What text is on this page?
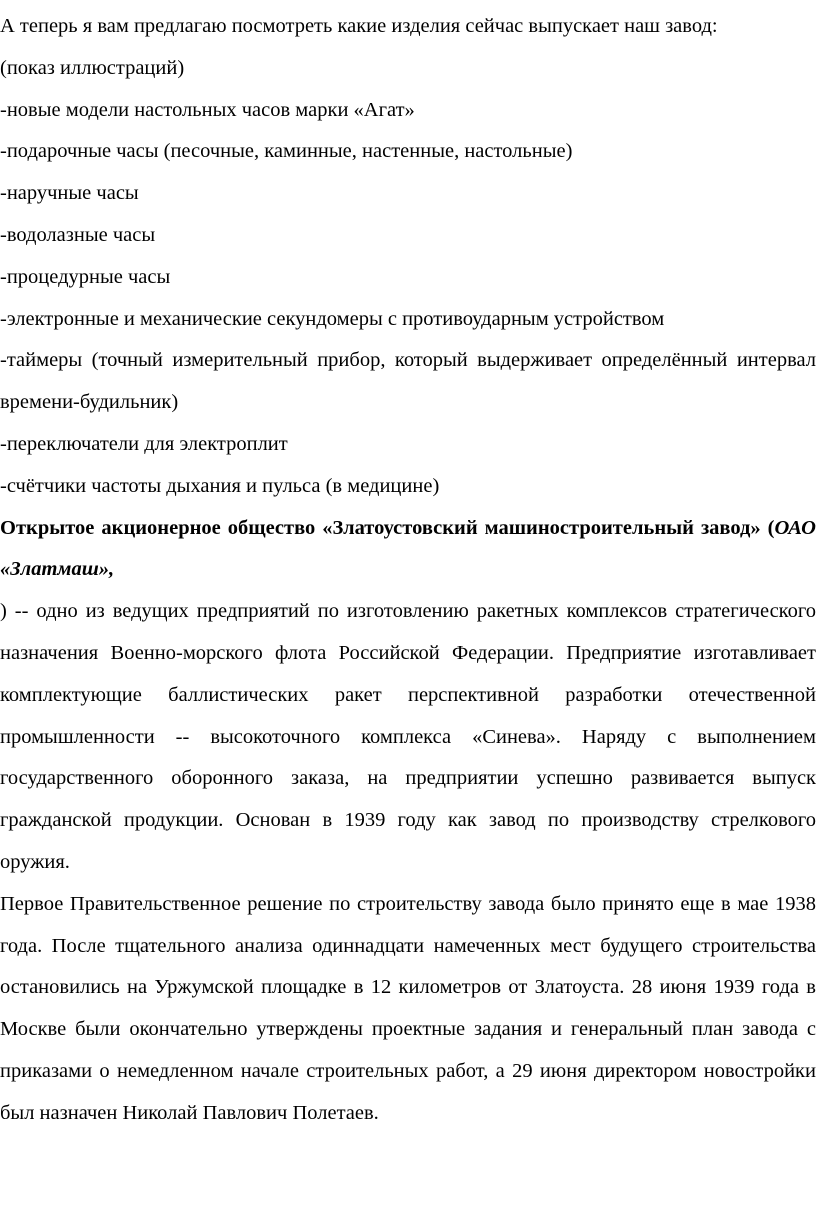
А теперь я вам предлагаю посмотреть какие изделия сейчас выпускает наш завод:

(показ иллюстраций)

-новые модели настольных часов марки «Агат»

-подарочные часы (песочные, каминные, настенные, настольные)

-наручные часы

-водолазные часы

-процедурные часы

-электронные и механические секундомеры с противоударным устройством

-таймеры (точный измерительный прибор, который выдерживает определённый интервал времени-будильник)

-переключатели для электроплит

-счётчики частоты дыхания и пульса (в медицине)

Открытое акционерное общество «Златоустовский машиностроительный завод» (ОАО «Златмаш»,

) -- одно из ведущих предприятий по изготовлению ракетных комплексов стратегического назначения Военно-морского флота Российской Федерации. Предприятие изготавливает комплектующие баллистических ракет перспективной разработки отечественной промышленности -- высокоточного комплекса «Синева». Наряду с выполнением государственного оборонного заказа, на предприятии успешно развивается выпуск гражданской продукции. Основан в 1939 году как завод по производству стрелкового оружия.

Первое Правительственное решение по строительству завода было принято еще в мае 1938 года. После тщательного анализа одиннадцати намеченных мест будущего строительства остановились на Уржумской площадке в 12 километров от Златоуста. 28 июня 1939 года в Москве были окончательно утверждены проектные задания и генеральный план завода с приказами о немедленном начале строительных работ, а 29 июня директором новостройки был назначен Николай Павлович Полетаев.
